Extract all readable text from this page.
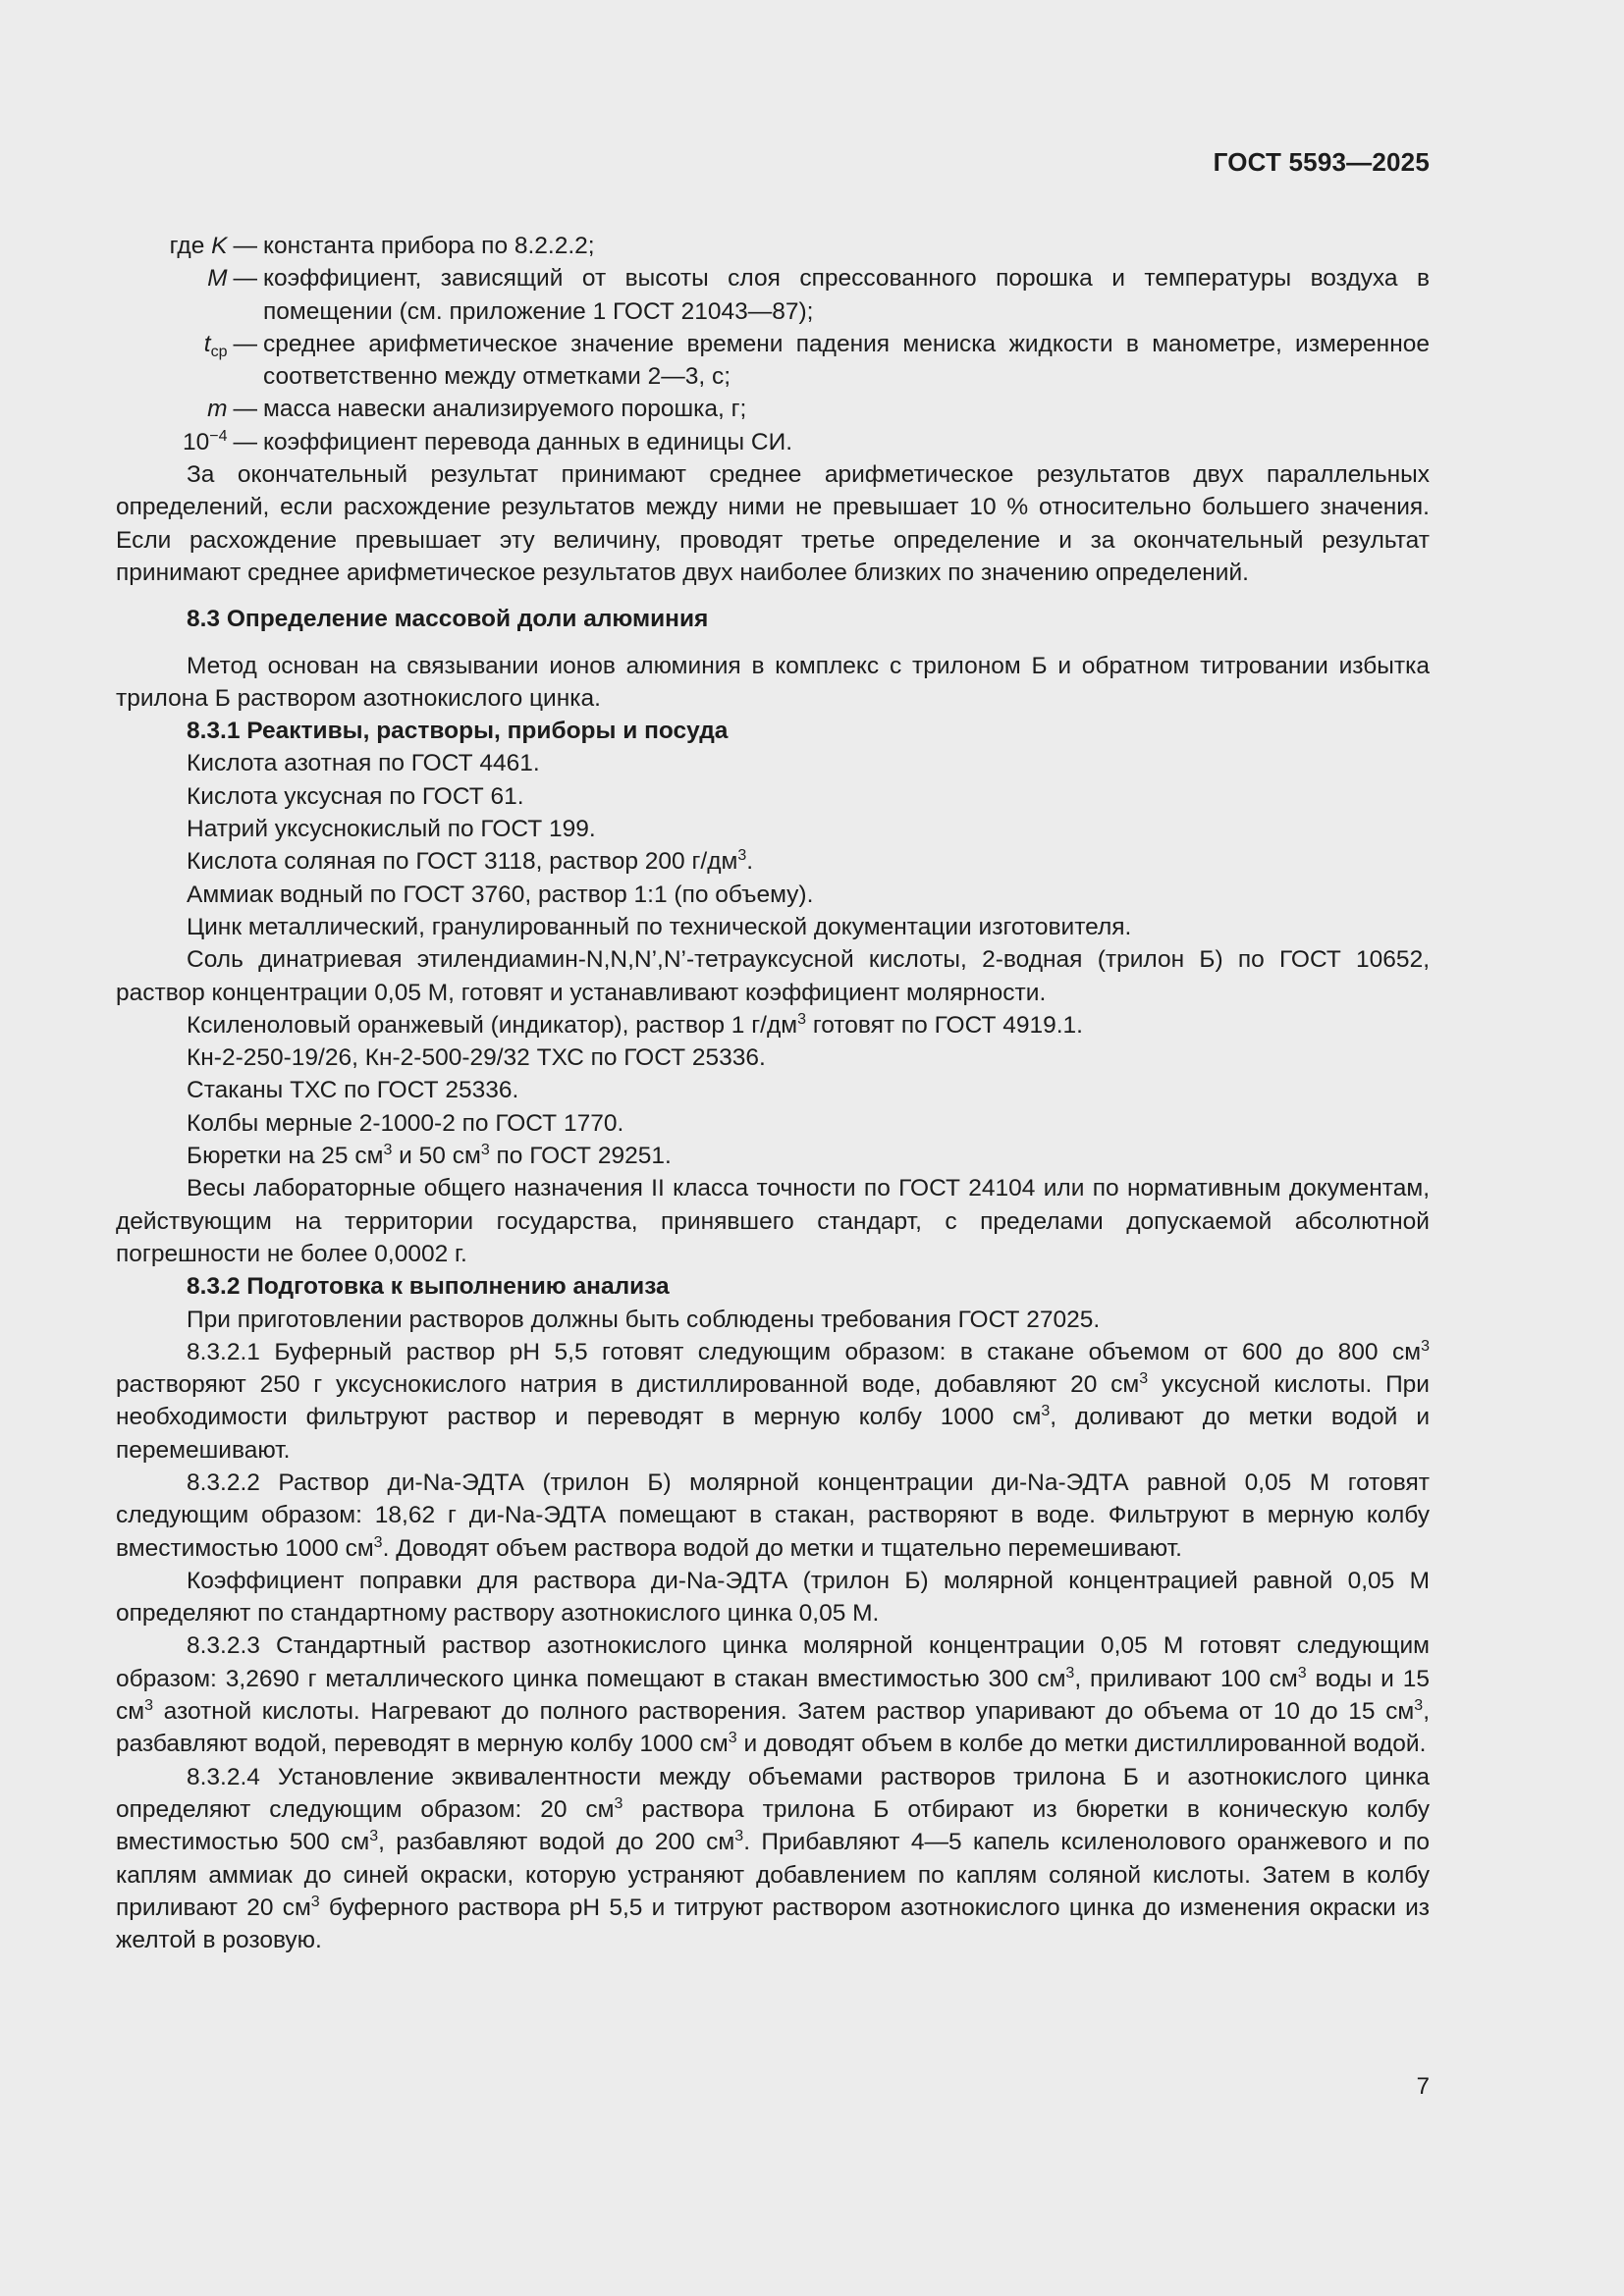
ГОСТ 5593—2025
где K — константа прибора по 8.2.2.2;
M — коэффициент, зависящий от высоты слоя спрессованного порошка и температуры воздуха в помещении (см. приложение 1 ГОСТ 21043—87);
$t_{ср}$ — среднее арифметическое значение времени падения мениска жидкости в манометре, измеренное соответственно между отметками 2—3, с;
m — масса навески анализируемого порошка, г;
$10^{-4}$ — коэффициент перевода данных в единицы СИ.

За окончательный результат принимают среднее арифметическое результатов двух параллельных определений, если расхождение результатов между ними не превышает 10 % относительно большего значения. Если расхождение превышает эту величину, проводят третье определение и за окончательный результат принимают среднее арифметическое результатов двух наиболее близких по значению определений.

8.3 Определение массовой доли алюминия

Метод основан на связывании ионов алюминия в комплекс с трилоном Б и обратном титровании избытка трилона Б раствором азотнокислого цинка.

8.3.1 Реактивы, растворы, приборы и посуда

Кислота азотная по ГОСТ 4461.

Кислота уксусная по ГОСТ 61.

Натрий уксуснокислый по ГОСТ 199.

Кислота соляная по ГОСТ 3118, раствор 200 $г/дм^3$.

Аммиак водный по ГОСТ 3760, раствор 1:1 (по объему).

Цинк металлический, гранулированный по технической документации изготовителя.

Соль динатриевая этилендиамин-N,N,N’,N’-тетрауксусной кислоты, 2-водная (трилон Б) по ГОСТ 10652, раствор концентрации 0,05 М, готовят и устанавливают коэффициент молярности.

Ксиленоловый оранжевый (индикатор), раствор 1 $г/дм^3$ готовят по ГОСТ 4919.1.

Кн-2-250-19/26, Кн-2-500-29/32 ТХС по ГОСТ 25336.

Стаканы ТХС по ГОСТ 25336.

Колбы мерные 2-1000-2 по ГОСТ 1770.

Бюретки на 25 $см^3$ и 50 $см^3$ по ГОСТ 29251.

Весы лабораторные общего назначения II класса точности по ГОСТ 24104 или по нормативным документам, действующим на территории государства, принявшего стандарт, с пределами допускаемой абсолютной погрешности не более 0,0002 г.

8.3.2 Подготовка к выполнению анализа

При приготовлении растворов должны быть соблюдены требования ГОСТ 27025.

8.3.2.1 Буферный раствор pH 5,5 готовят следующим образом: в стакане объемом от 600 до 800 $см^3$ растворяют 250 г уксуснокислого натрия в дистиллированной воде, добавляют 20 $см^3$ уксусной кислоты. При необходимости фильтруют раствор и переводят в мерную колбу 1000 $см^3$, доливают до метки водой и перемешивают.

8.3.2.2 Раствор ди-Na-ЭДТА (трилон Б) молярной концентрации ди-Na-ЭДТА равной 0,05 М готовят следующим образом: 18,62 г ди-Na-ЭДТА помещают в стакан, растворяют в воде. Фильтруют в мерную колбу вместимостью 1000 $см^3$. Доводят объем раствора водой до метки и тщательно перемешивают.

Коэффициент поправки для раствора ди-Na-ЭДТА (трилон Б) молярной концентрацией равной 0,05 М определяют по стандартному раствору азотнокислого цинка 0,05 М.

8.3.2.3 Стандартный раствор азотнокислого цинка молярной концентрации 0,05 М готовят следующим образом: 3,2690 г металлического цинка помещают в стакан вместимостью 300 $см^3$, приливают 100 $см^3$ воды и 15 $см^3$ азотной кислоты. Нагревают до полного растворения. Затем раствор упаривают до объема от 10 до 15 $см^3$, разбавляют водой, переводят в мерную колбу 1000 $см^3$ и доводят объем в колбе до метки дистиллированной водой.

8.3.2.4 Установление эквивалентности между объемами растворов трилона Б и азотнокислого цинка определяют следующим образом: 20 $см^3$ раствора трилона Б отбирают из бюретки в коническую колбу вместимостью 500 $см^3$, разбавляют водой до 200 $см^3$. Прибавляют 4—5 капель ксиленолового оранжевого и по каплям аммиак до синей окраски, которую устраняют добавлением по каплям соляной кислоты. Затем в колбу приливают 20 $см^3$ буферного раствора pH 5,5 и титруют раствором азотнокислого цинка до изменения окраски из желтой в розовую.

7
